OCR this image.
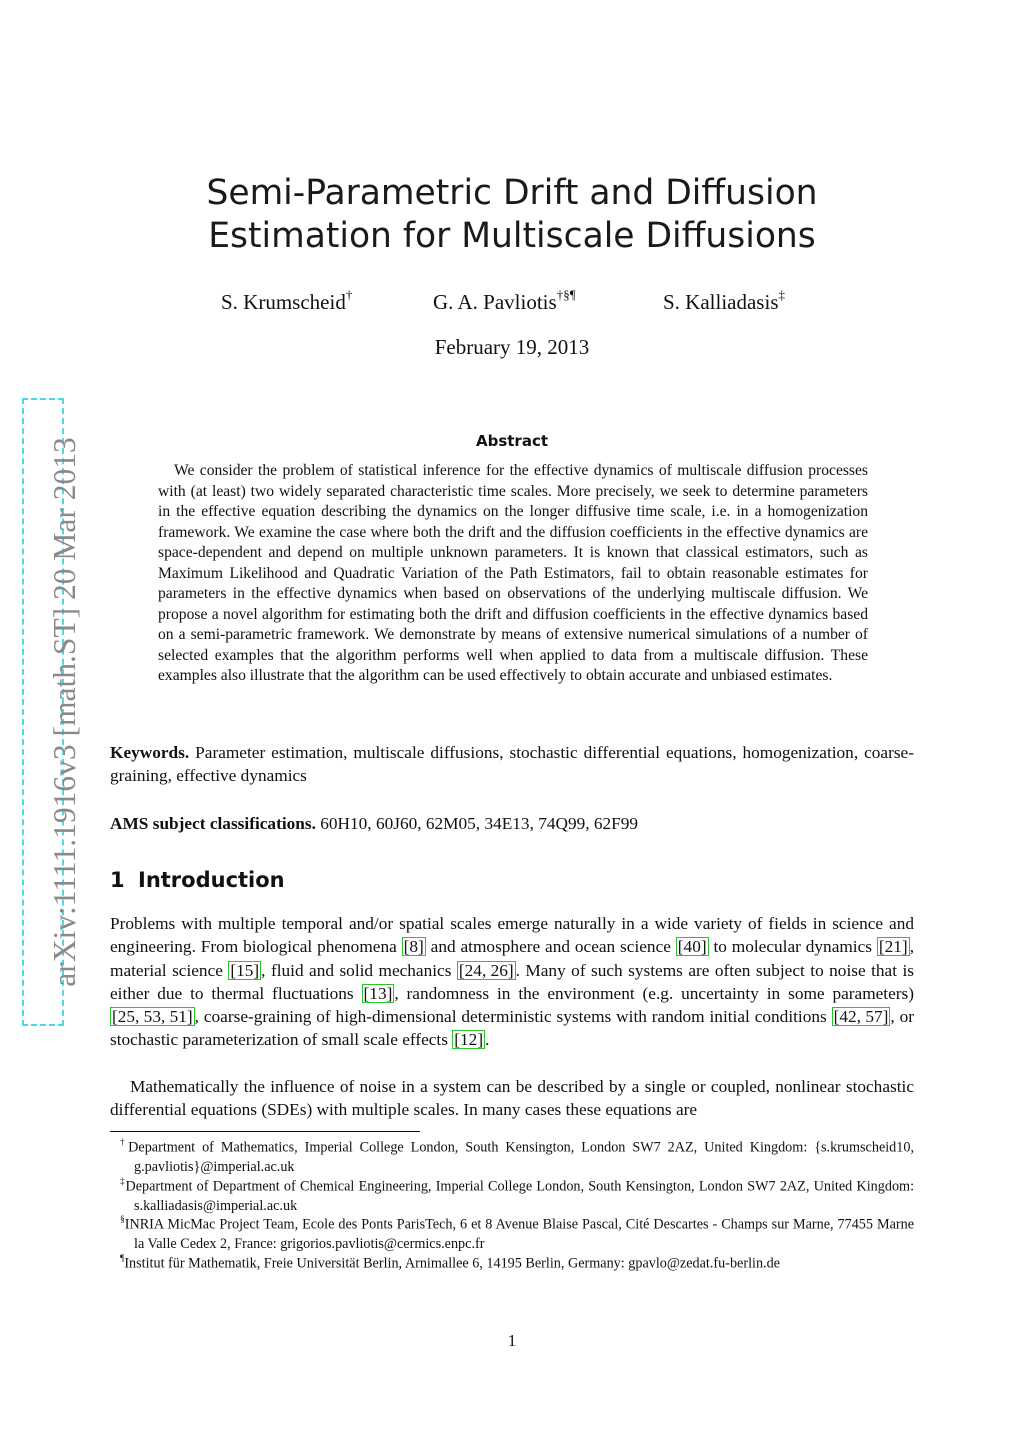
arXiv:1111.1916v3 [math.ST] 20 Mar 2013
Semi-Parametric Drift and Diffusion
Estimation for Multiscale Diffusions
S. Krumscheid†	G. A. Pavliotis†§¶	S. Kalliadasis‡
February 19, 2013
Abstract
We consider the problem of statistical inference for the effective dynamics of multiscale diffusion processes with (at least) two widely separated characteristic time scales. More precisely, we seek to determine parameters in the effective equation describing the dynamics on the longer diffusive time scale, i.e. in a homogenization framework. We examine the case where both the drift and the diffusion coefficients in the effective dynamics are space-dependent and depend on multiple unknown parameters. It is known that classical estimators, such as Maximum Likelihood and Quadratic Variation of the Path Estimators, fail to obtain reasonable estimates for parameters in the effective dynamics when based on observations of the underlying multiscale diffusion. We propose a novel algorithm for estimating both the drift and diffusion coefficients in the effective dynamics based on a semi-parametric framework. We demonstrate by means of extensive numerical simulations of a number of selected examples that the algorithm performs well when applied to data from a multiscale diffusion. These examples also illustrate that the algorithm can be used effectively to obtain accurate and unbiased estimates.
Keywords. Parameter estimation, multiscale diffusions, stochastic differential equations, homogenization, coarse-graining, effective dynamics
AMS subject classifications. 60H10, 60J60, 62M05, 34E13, 74Q99, 62F99
1 Introduction

Problems with multiple temporal and/or spatial scales emerge naturally in a wide variety of fields in science and engineering. From biological phenomena [8] and atmosphere and ocean science [40] to molecular dynamics [21] , material science [15] , fluid and solid mechanics [24, 26] . Many of such systems are often subject to noise that is either due to thermal fluctuations [13] , randomness in the environment (e.g. uncertainty in some parameters) [25, 53, 51] , coarse-graining of high-dimensional deterministic systems with random initial conditions [42, 57] , or stochastic parameterization of small scale effects [12] .

Mathematically the influence of noise in a system can be described by a single or coupled, nonlinear stochastic differential equations (SDEs) with multiple scales. In many cases these equations are

†Department of Mathematics, Imperial College London, South Kensington, London SW7 2AZ, United Kingdom: {s.krumscheid10, g.pavliotis}@imperial.ac.uk
‡Department of Department of Chemical Engineering, Imperial College London, South Kensington, London SW7 2AZ, United Kingdom: s.kalliadasis@imperial.ac.uk
§INRIA MicMac Project Team, Ecole des Ponts ParisTech, 6 et 8 Avenue Blaise Pascal, Cité Descartes - Champs sur Marne, 77455 Marne la Valle Cedex 2, France: grigorios.pavliotis@cermics.enpc.fr
¶Institut für Mathematik, Freie Universität Berlin, Arnimallee 6, 14195 Berlin, Germany: gpavlo@zedat.fu-berlin.de
1
